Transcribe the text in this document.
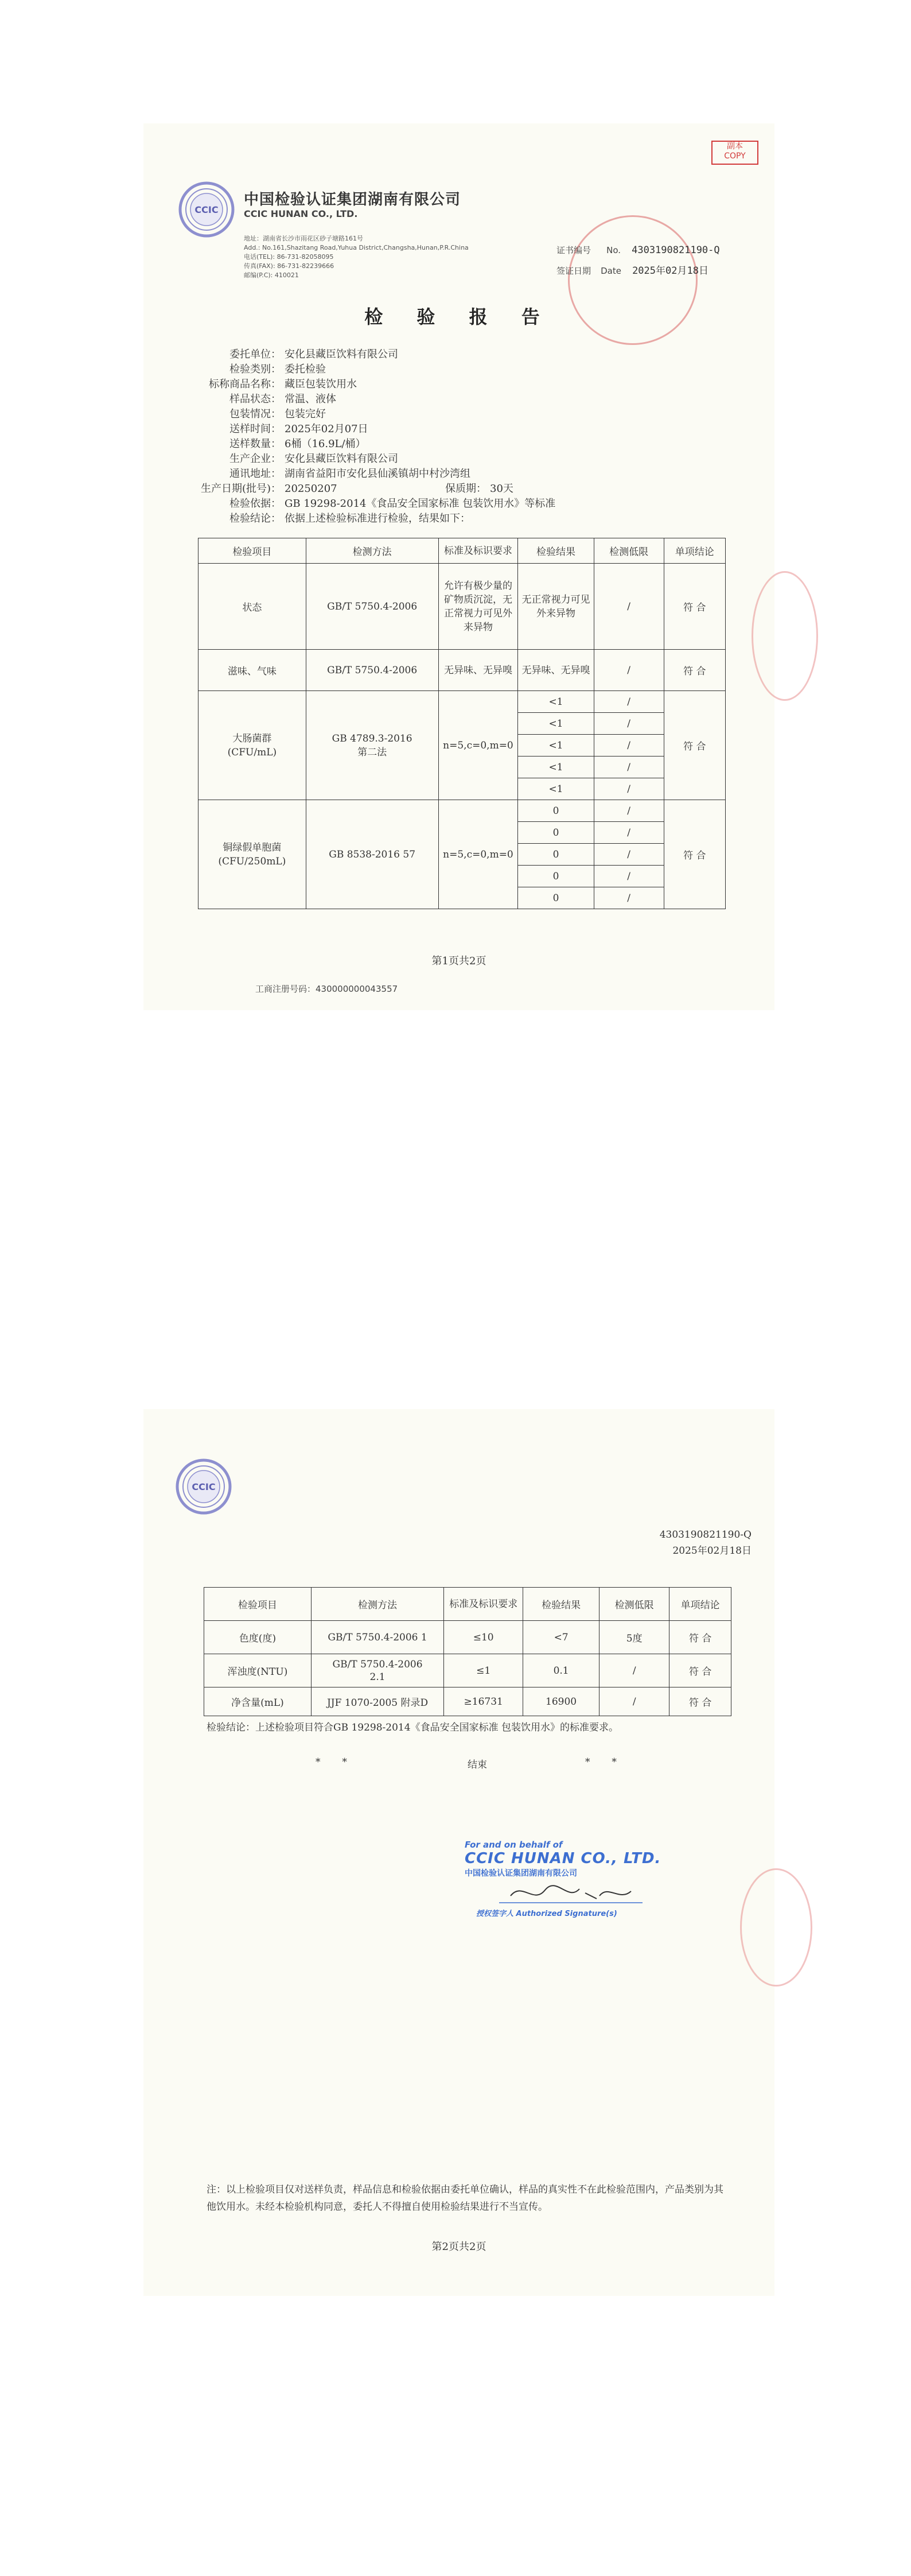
副本
COPY
CCIC
中国检验认证集团湖南有限公司
CCIC HUNAN CO., LTD.
地址：湖南省长沙市雨花区砂子塘路161号
Add.: No.161,Shazitang Road,Yuhua District,Changsha,Hunan,P.R.China
电话(TEL): 86-731-82058095
传真(FAX): 86-731-82239666
邮编(P.C): 410021
证书编号 No. 4303190821190-Q
签证日期 Date 2025年02月18日
检 验 报 告
委托单位： 安化县藏臣饮料有限公司
检验类别： 委托检验
标称商品名称： 藏臣包装饮用水
样品状态： 常温、液体
包装情况： 包装完好
送样时间： 2025年02月07日
送样数量： 6桶（16.9L/桶）
生产企业： 安化县藏臣饮料有限公司
通讯地址： 湖南省益阳市安化县仙溪镇胡中村沙湾组
生产日期(批号)： 20250207	保质期： 30天
检验依据： GB 19298-2014《食品安全国家标准 包装饮用水》等标准
检验结论： 依据上述检验标准进行检验，结果如下：
检验项目	检测方法	标准及标识要求	检验结果	检测低限	单项结论
状态	GB/T 5750.4-2006	允许有极少量的矿物质沉淀，无正常视力可见外来异物	无正常视力可见外来异物	/	符 合
滋味、气味	GB/T 5750.4-2006	无异味、无异嗅	无异味、无异嗅	/	符 合
大肠菌群
(CFU/mL)	GB 4789.3-2016
第二法	n=5,c=0,m=0	<1	/	符 合
			<1	/	
			<1	/	
			<1	/	
			<1	/	
铜绿假单胞菌
(CFU/250mL)	GB 8538-2016 57	n=5,c=0,m=0	0	/	符 合
			0	/	
			0	/	
			0	/	
			0	/	
第1页共2页
工商注册号码：430000000043557
CCIC
4303190821190-Q
2025年02月18日
检验项目	检测方法	标准及标识要求	检验结果	检测低限	单项结论
色度(度)	GB/T 5750.4-2006 1	≤10	<7	5度	符 合
浑浊度(NTU)	GB/T 5750.4-2006
2.1	≤1	0.1	/	符 合
净含量(mL)	JJF 1070-2005 附录D	≥16731	16900	/	符 合
检验结论：上述检验项目符合GB 19298-2014《食品安全国家标准 包装饮用水》的标准要求。
*       *	结束	*       *
For and on behalf of
CCIC HUNAN CO., LTD.
中国检验认证集团湖南有限公司
授权签字人 Authorized Signature(s)
注：以上检验项目仅对送样负责，样品信息和检验依据由委托单位确认，样品的真实性不在此检验范围内，产品类别为其他饮用水。未经本检验机构同意，委托人不得擅自使用检验结果进行不当宣传。
第2页共2页
